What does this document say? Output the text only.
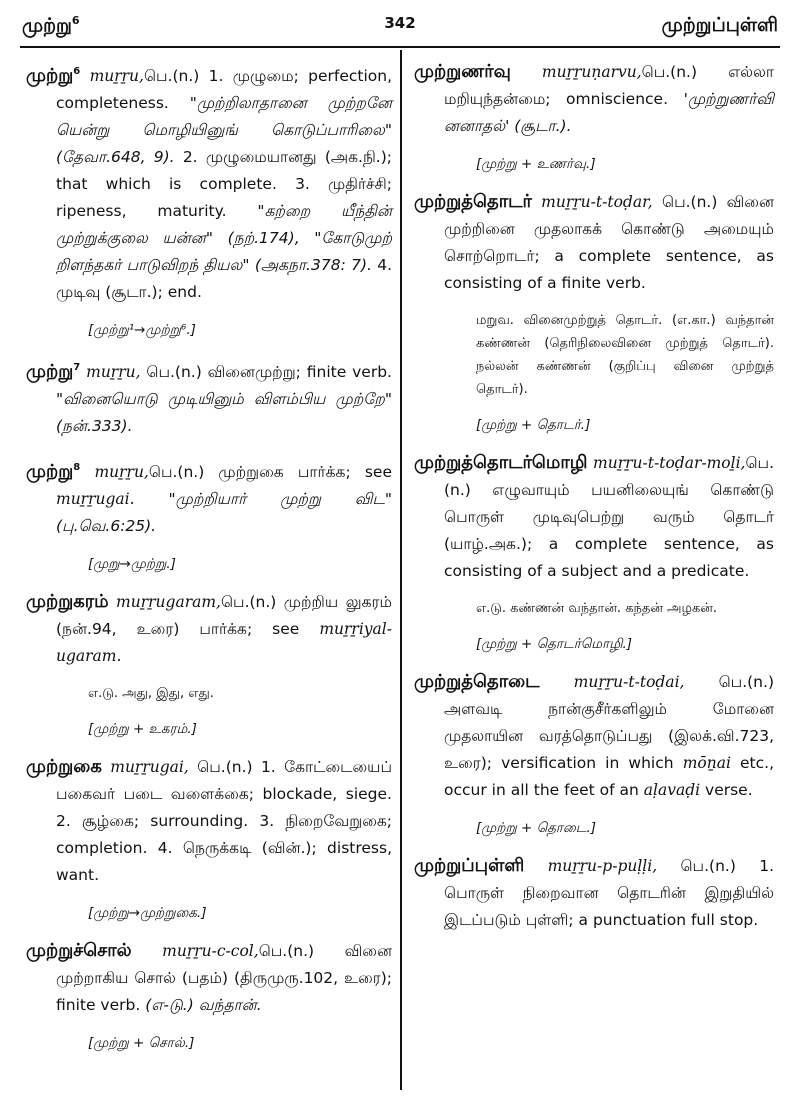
முற்று$^6$	342	முற்றுப்புள்ளி

முற்று$^6$ muṟṟu,பெ.(n.) 1. முழுமை; perfection, completeness. "முற்றிலாதானை முற்றனே யென்று மொழியினுங் கொடுப்பாரிலை" (தேவா.648, 9). 2. முழுமையானது (அக.நி.); that which is complete. 3. முதிர்ச்சி; ripeness, maturity. "கற்றை யீந்தின் முற்றுக்குலை யன்ன" (நற்.174), "கோடுமுற் றிளந்தகர் பாடுவிறந் தியல" (அகநா.378: 7). 4. முடிவு (சூடா.); end.

[முற்று¹→முற்று⁶.]

முற்று$^7$ muṟṟu, பெ.(n.) வினைமுற்று; finite verb. "வினையொடு முடியினும் விளம்பிய முற்றே" (நன்.333).

முற்று$^8$ muṟṟu,பெ.(n.) முற்றுகை பார்க்க; see muṟṟugai. "முற்றியார் முற்று விட" (பு.வெ.6:25).

[முறு→முற்று.]

முற்றுகரம் muṟṟugaram,பெ.(n.) முற்றிய லுகரம் (நன்.94, உரை) பார்க்க; see muṟṟiyal-ugaram.

எ.டு. அது, இது, எது.

[முற்று + உகரம்.]

முற்றுகை muṟṟugai, பெ.(n.) 1. கோட்டையைப் பகைவர் படை வளைக்கை; blockade, siege. 2. சூழ்கை; surrounding. 3. நிறைவேறுகை; completion. 4. நெருக்கடி (வின்.); distress, want.

[முற்று→முற்றுகை.]

முற்றுச்சொல் muṟṟu-c-col,பெ.(n.) வினை முற்றாகிய சொல் (பதம்) (திருமுரு.102, உரை); finite verb. (எ-டு.) வந்தான்.

[முற்று + சொல்.]

முற்றுணர்வு muṟṟuṇarvu,பெ.(n.) எல்லா மறியுந்தன்மை; omniscience. 'முற்றுணர்வி னனாதல்' (சூடா.).

[முற்று + உணர்வு.]

முற்றுத்தொடர் muṟṟu-t-toḍar, பெ.(n.) வினை முற்றினை முதலாகக் கொண்டு அமையும் சொற்றொடர்; a complete sentence, as consisting of a finite verb.

மறுவ. வினைமுற்றுத் தொடர். (எ.கா.) வந்தான் கண்ணன் (தெரிநிலைவினை முற்றுத் தொடர்). நல்லன் கண்ணன் (குறிப்பு வினை முற்றுத் தொடர்).

[முற்று + தொடர்.]

முற்றுத்தொடர்மொழி muṟṟu-t-toḍar-moḻi,பெ.(n.) எழுவாயும் பயனிலையுங் கொண்டு பொருள் முடிவுபெற்று வரும் தொடர் (யாழ்.அக.); a complete sentence, as consisting of a subject and a predicate.

எ.டு. கண்ணன் வந்தான். கந்தன் அழகன்.

[முற்று + தொடர்மொழி.]

முற்றுத்தொடை muṟṟu-t-toḍai, பெ.(n.) அளவடி நான்குசீர்களிலும் மோனை முதலாயின வரத்தொடுப்பது (இலக்.வி.723, உரை); versification in which mōṉai etc., occur in all the feet of an aḷavaḍi verse.

[முற்று + தொடை.]

முற்றுப்புள்ளி muṟṟu-p-puḷḷi, பெ.(n.) 1. பொருள் நிறைவான தொடரின் இறுதியில் இடப்படும் புள்ளி; a punctuation full stop.
